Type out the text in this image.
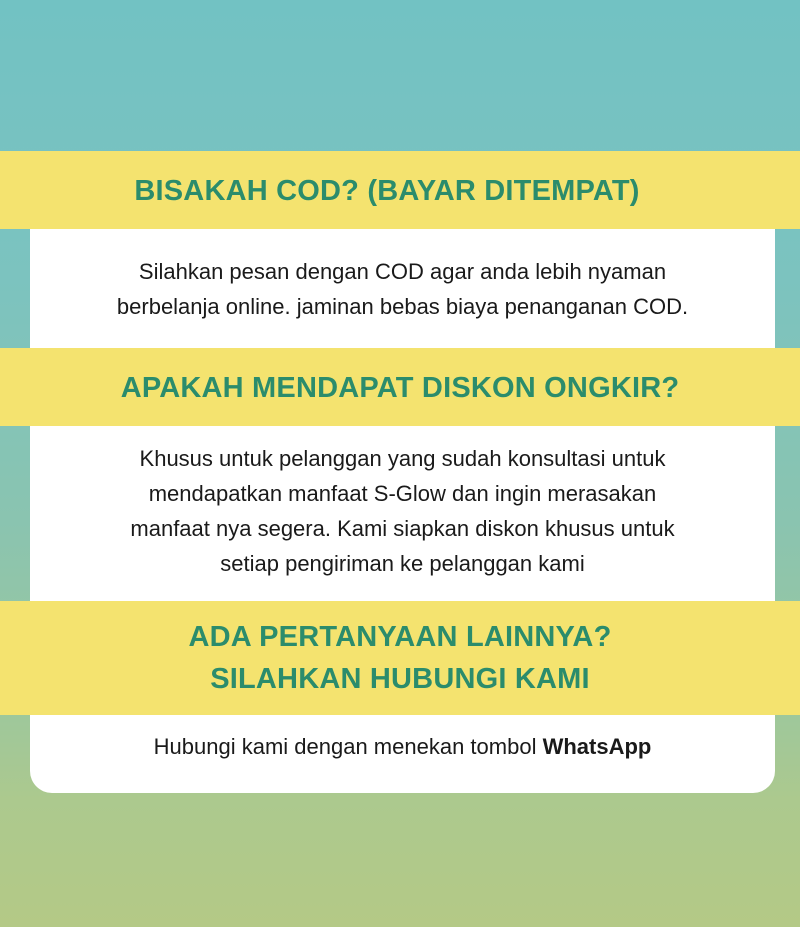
BISAKAH COD? (BAYAR DITEMPAT)
Silahkan pesan dengan COD agar anda lebih nyaman
berbelanja online. jaminan bebas biaya penanganan COD.
APAKAH MENDAPAT DISKON ONGKIR?
Khusus untuk pelanggan yang sudah konsultasi untuk
mendapatkan manfaat S-Glow dan ingin merasakan
manfaat nya segera. Kami siapkan diskon khusus untuk
setiap pengiriman ke pelanggan kami
ADA PERTANYAAN LAINNYA?
SILAHKAN HUBUNGI KAMI
Hubungi kami dengan menekan tombol WhatsApp
